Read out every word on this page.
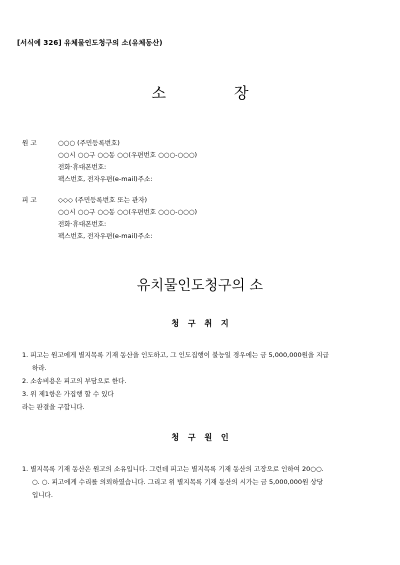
[서식예 326] 유체물인도청구의 소(유체동산)
소	장
원 고	○○○ (주민등록번호)
○○시 ○○구 ○○동 ○○(우편번호 ○○○-○○○)
전화·휴대폰번호:
팩스번호, 전자우편(e-mail)주소:
피 고	◇◇◇ (주민등록번호 또는 관자)
○○시 ○○구 ○○동 ○○(우편번호 ○○○-○○○)
전화·휴대폰번호:
팩스번호, 전자우편(e-mail)주소:
유치물인도청구의 소
청 구 취 지
1. 피고는 원고에게 별지목록 기재 동산을 인도하고, 그 인도집행이 불능일 경우에는 금 5,000,000원을 지급
하라.
2. 소송비용은 피고의 부담으로 한다.
3. 위 제1항은 가집행 할 수 있다
라는 판결을 구합니다.
청 구 원 인
1. 별지목록 기재 동산은 원고의 소유입니다. 그런데 피고는 별지목록 기재 동산의 고장으로 인하여 20○○.
○. ○. 피고에게 수리를 의뢰하였습니다. 그리고 위 별지목록 기재 동산의 시가는 금 5,000,000원 상당
입니다.
